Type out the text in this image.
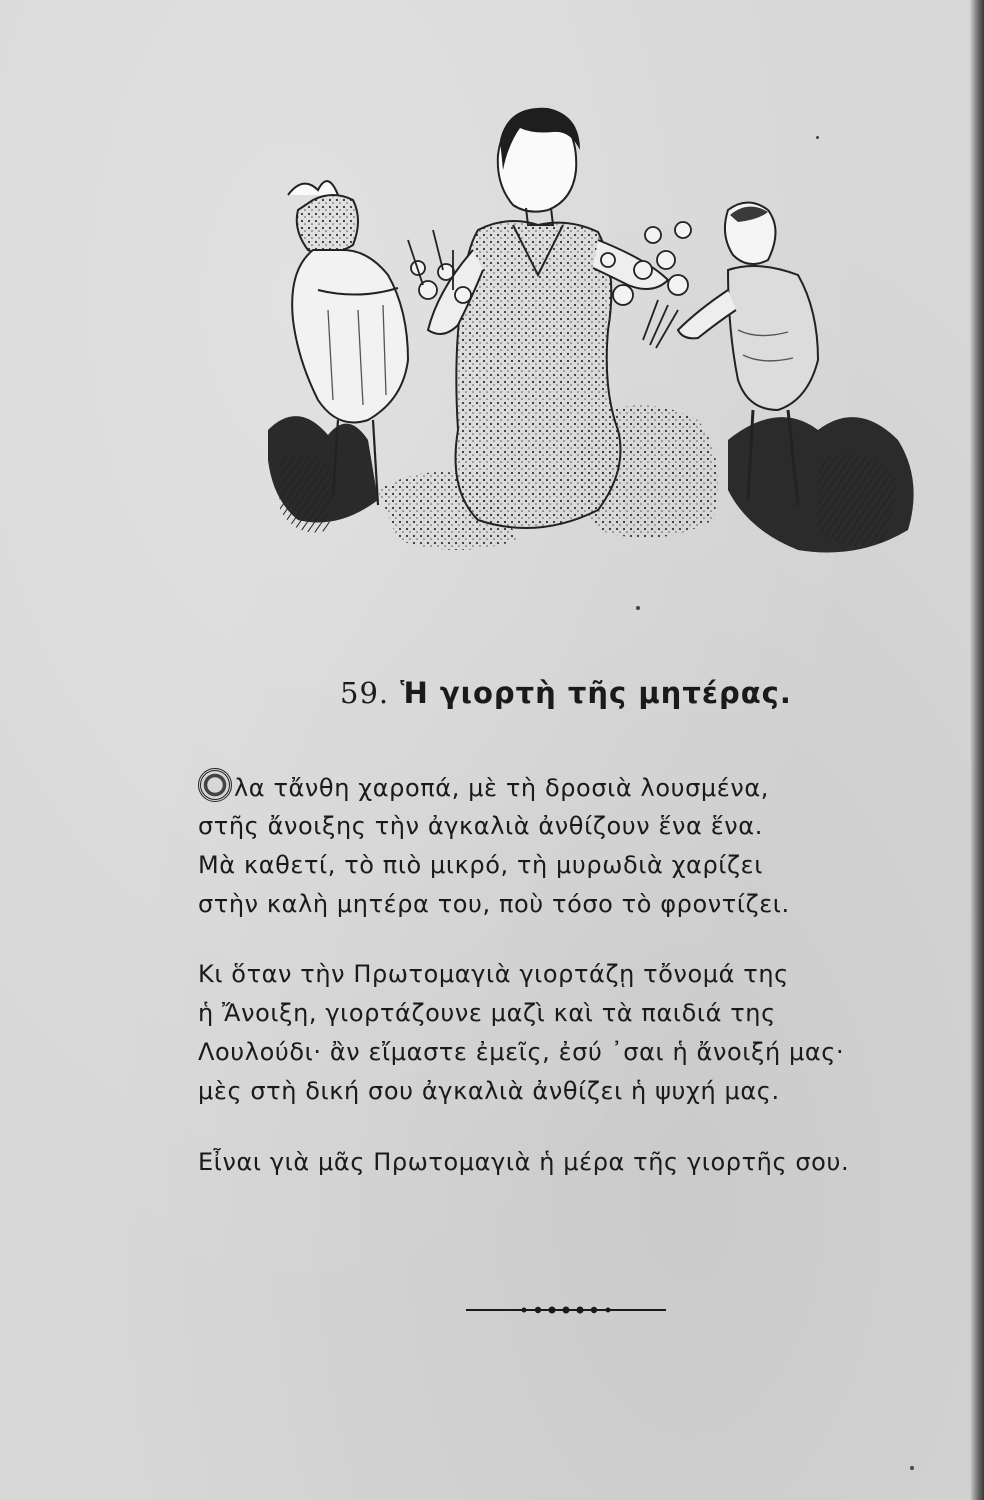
59. Ἡ γιορτὴ τῆς μητέρας.
λα τἄνθη χαροπά, μὲ τὴ δροσιὰ λουσμένα,
στῆς ἄνοιξης τὴν ἀγκαλιὰ ἀνθίζουν ἕνα ἕνα.
Μὰ καθετί, τὸ πιὸ μικρό, τὴ μυρωδιὰ χαρίζει
στὴν καλὴ μητέρα του, ποὺ τόσο τὸ φροντίζει.
Κι ὅταν τὴν Πρωτομαγιὰ γιορτάζῃ τὄνομά της
ἡ Ἄνοιξη, γιορτάζουνε μαζὶ καὶ τὰ παιδιά της
Λουλούδι· ἂν εἴμαστε ἐμεῖς, ἐσύ ᾽σαι ἡ ἄνοιξή μας·
μὲς στὴ δική σου ἀγκαλιὰ ἀνθίζει ἡ ψυχή μας.
Εἶναι γιὰ μᾶς Πρωτομαγιὰ ἡ μέρα τῆς γιορτῆς σου.
